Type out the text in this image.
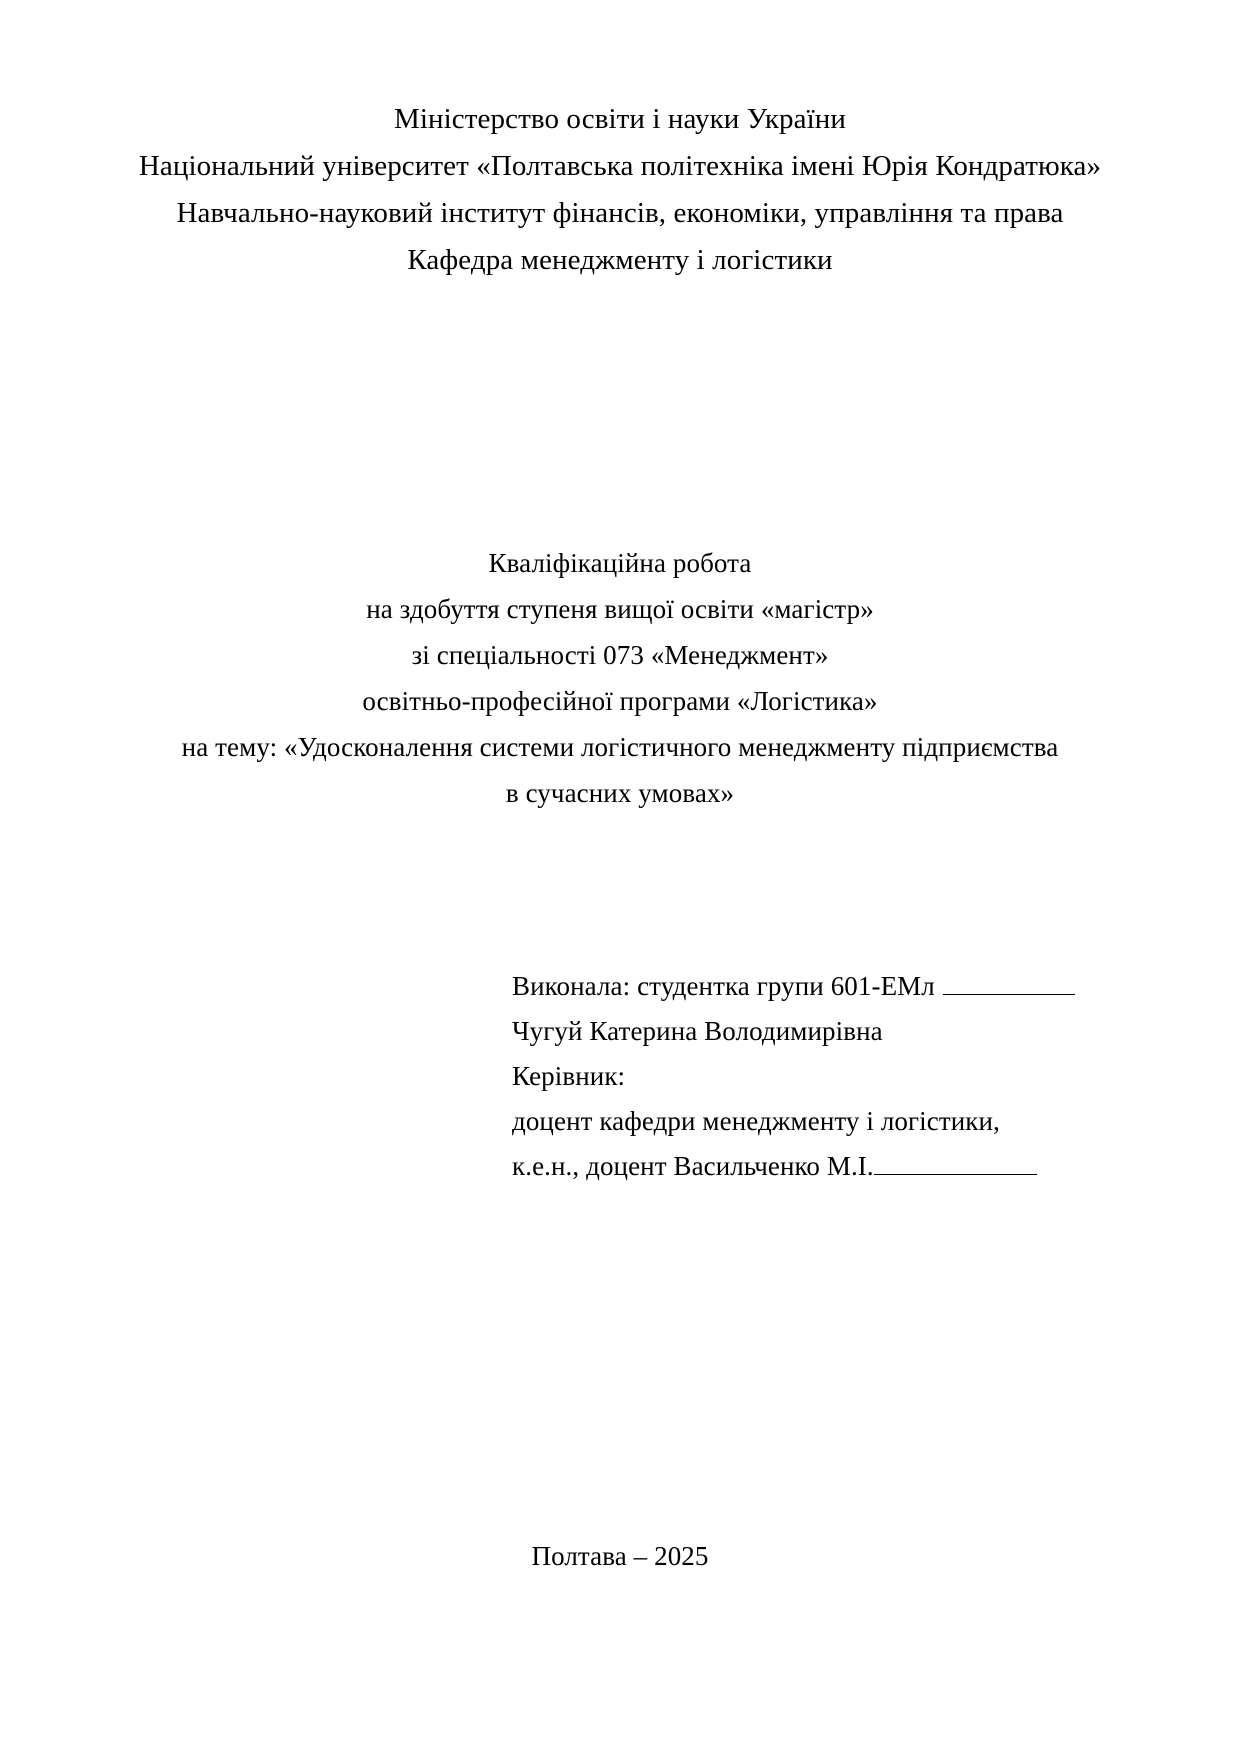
Міністерство освіти і науки України
Національний університет «Полтавська політехніка імені Юрія Кондратюка»
Навчально-науковий інститут фінансів, економіки, управління та права
Кафедра менеджменту і логістики
Кваліфікаційна робота
на здобуття ступеня вищої освіти «магістр»
зі спеціальності 073 «Менеджмент»
освітньо-професійної програми «Логістика»
на тему: «Удосконалення системи логістичного менеджменту підприємства
в сучасних умовах»
Виконала: студентка групи 601-ЕМл
Чугуй Катерина Володимирівна
Керівник:
доцент кафедри менеджменту і логістики,
к.е.н., доцент Васильченко М.І.
Полтава – 2025
